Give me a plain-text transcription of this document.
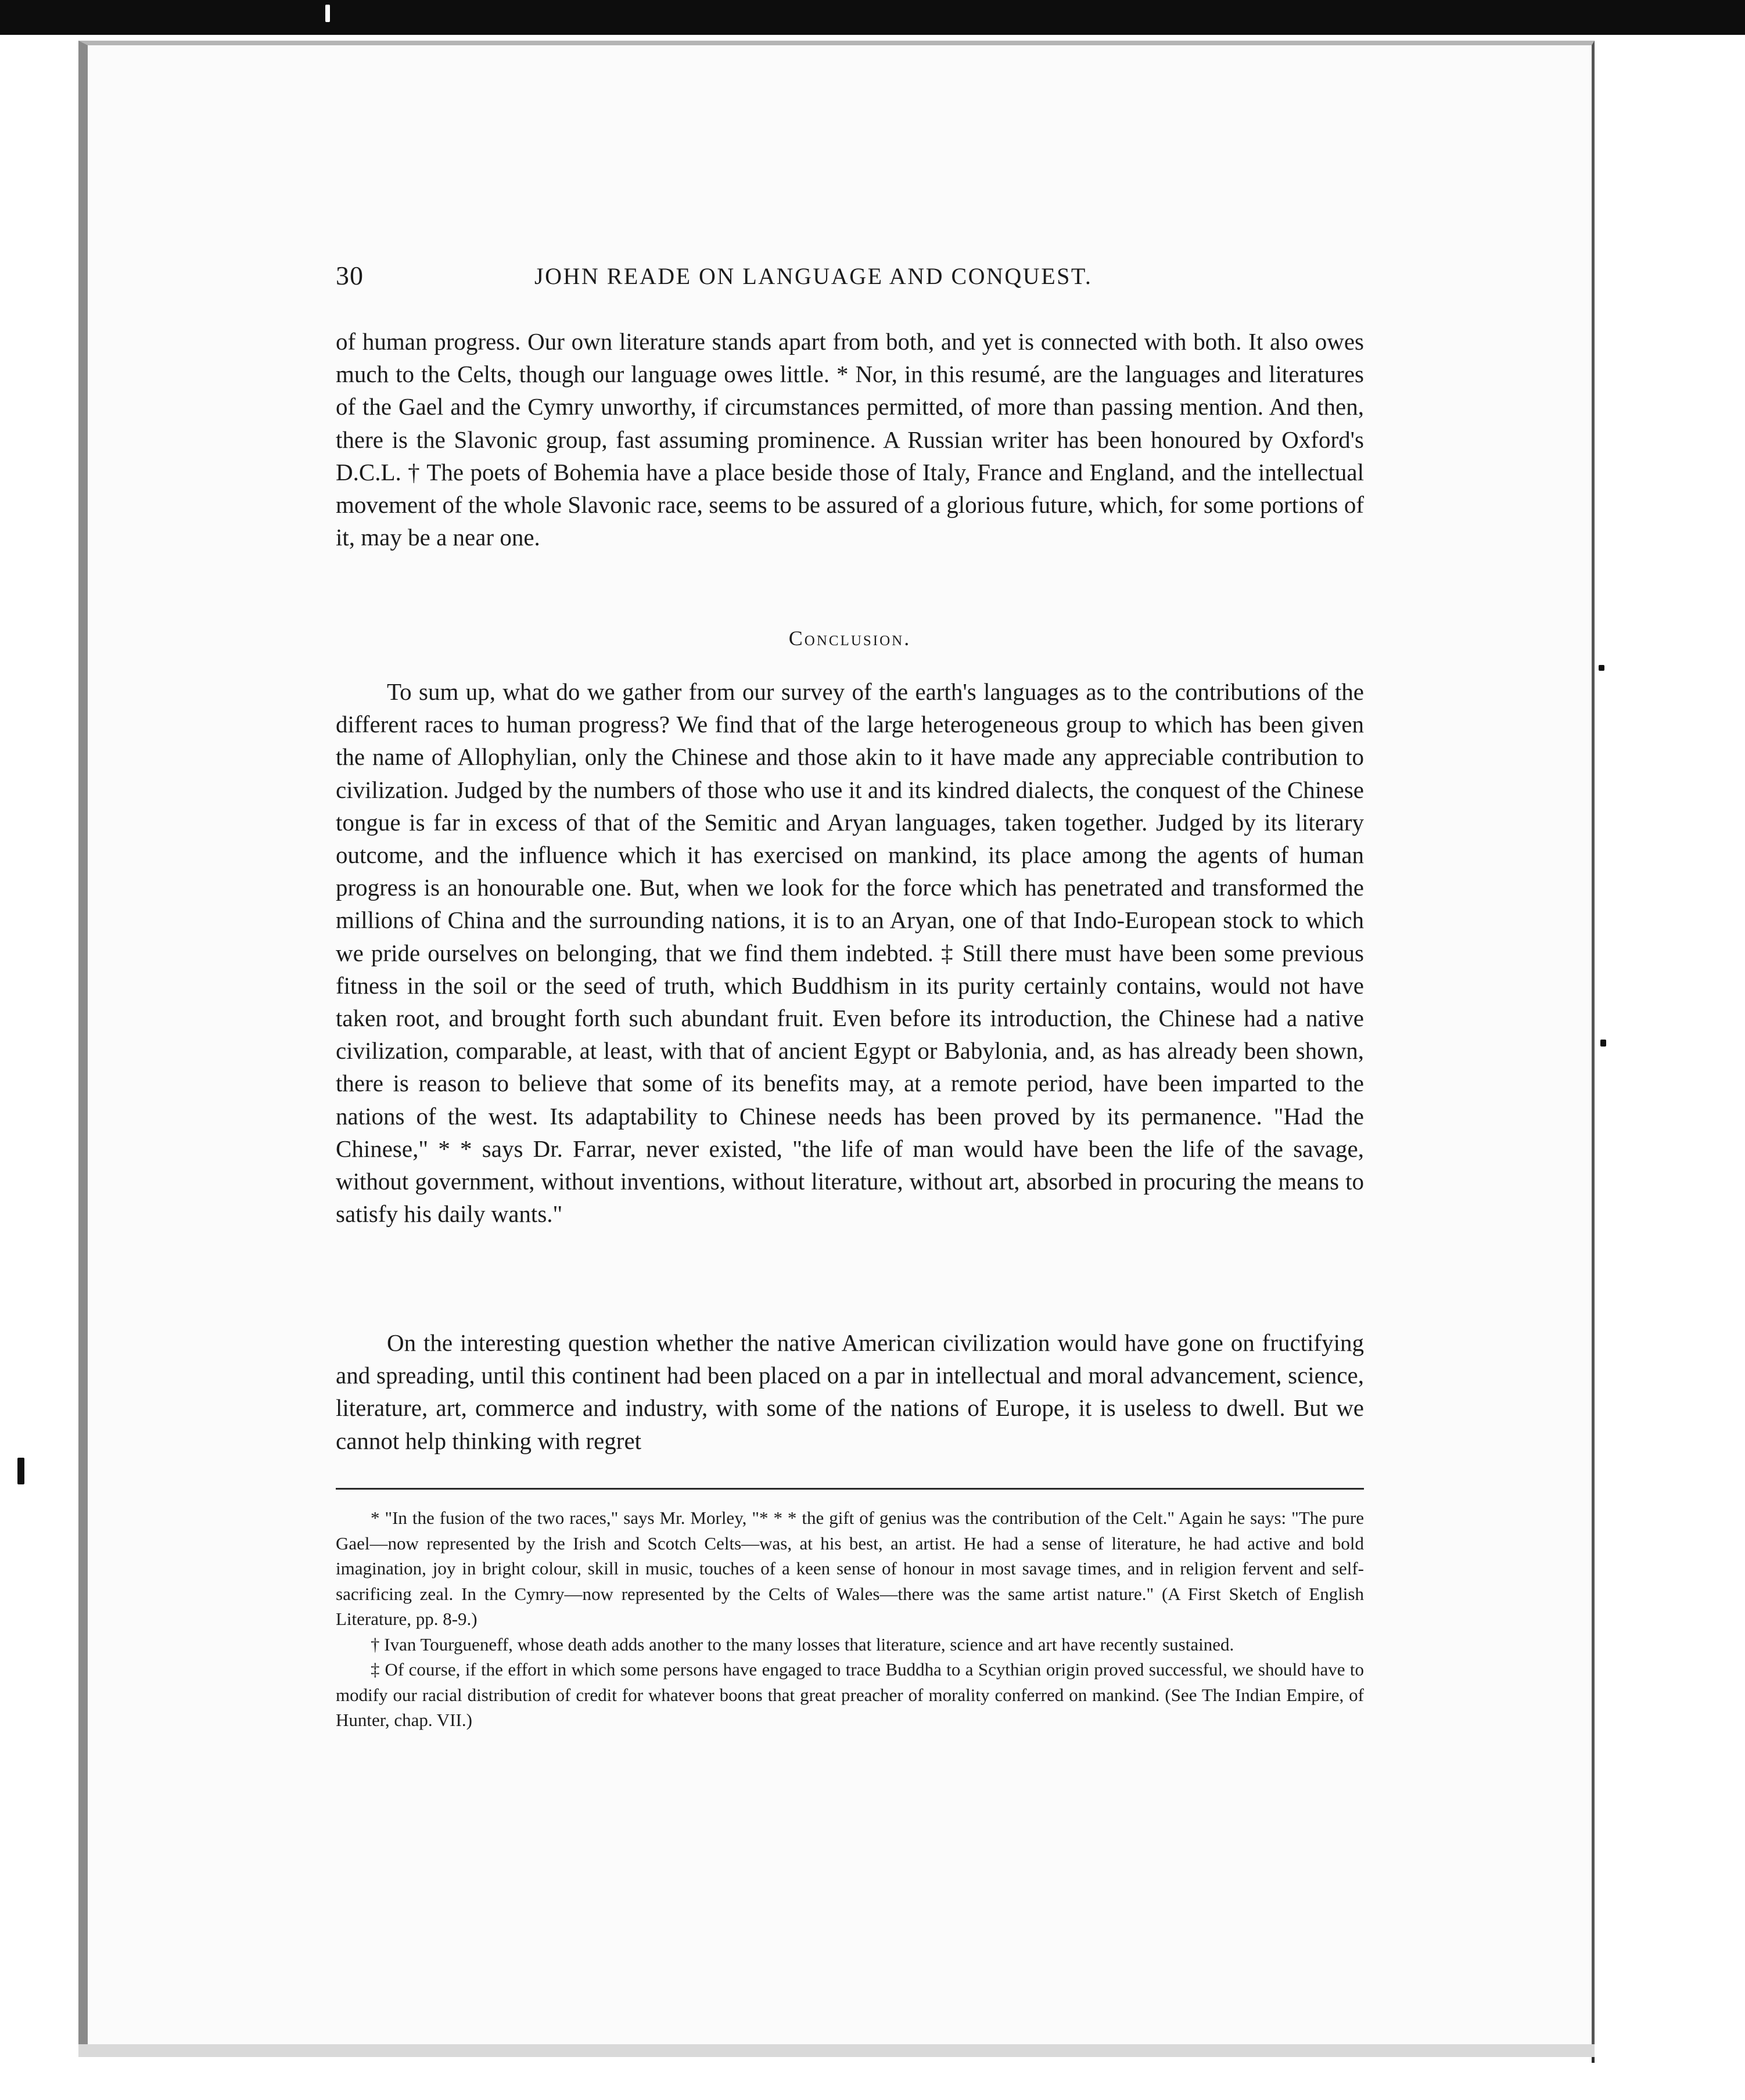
30	JOHN READE ON LANGUAGE AND CONQUEST.
of human progress. Our own literature stands apart from both, and yet is connected with both. It also owes much to the Celts, though our language owes little. * Nor, in this resumé, are the languages and literatures of the Gael and the Cymry unworthy, if circumstances permitted, of more than passing mention. And then, there is the Slavonic group, fast assuming prominence. A Russian writer has been honoured by Oxford's D.C.L. † The poets of Bohemia have a place beside those of Italy, France and England, and the intellectual movement of the whole Slavonic race, seems to be assured of a glorious future, which, for some portions of it, may be a near one.
Conclusion.
To sum up, what do we gather from our survey of the earth's languages as to the contributions of the different races to human progress? We find that of the large heterogeneous group to which has been given the name of Allophylian, only the Chinese and those akin to it have made any appreciable contribution to civilization. Judged by the numbers of those who use it and its kindred dialects, the conquest of the Chinese tongue is far in excess of that of the Semitic and Aryan languages, taken together. Judged by its literary outcome, and the influence which it has exercised on mankind, its place among the agents of human progress is an honourable one. But, when we look for the force which has penetrated and transformed the millions of China and the surrounding nations, it is to an Aryan, one of that Indo-European stock to which we pride ourselves on belonging, that we find them indebted. ‡ Still there must have been some previous fitness in the soil or the seed of truth, which Buddhism in its purity certainly contains, would not have taken root, and brought forth such abundant fruit. Even before its introduction, the Chinese had a native civilization, comparable, at least, with that of ancient Egypt or Babylonia, and, as has already been shown, there is reason to believe that some of its benefits may, at a remote period, have been imparted to the nations of the west. Its adaptability to Chinese needs has been proved by its permanence. "Had the Chinese," * * says Dr. Farrar, never existed, "the life of man would have been the life of the savage, without government, without inventions, without literature, without art, absorbed in procuring the means to satisfy his daily wants."
On the interesting question whether the native American civilization would have gone on fructifying and spreading, until this continent had been placed on a par in intellectual and moral advancement, science, literature, art, commerce and industry, with some of the nations of Europe, it is useless to dwell. But we cannot help thinking with regret

* "In the fusion of the two races," says Mr. Morley, "* * * the gift of genius was the contribution of the Celt." Again he says: "The pure Gael—now represented by the Irish and Scotch Celts—was, at his best, an artist. He had a sense of literature, he had active and bold imagination, joy in bright colour, skill in music, touches of a keen sense of honour in most savage times, and in religion fervent and self-sacrificing zeal. In the Cymry—now represented by the Celts of Wales—there was the same artist nature." (A First Sketch of English Literature, pp. 8-9.)

† Ivan Tourgueneff, whose death adds another to the many losses that literature, science and art have recently sustained.

‡ Of course, if the effort in which some persons have engaged to trace Buddha to a Scythian origin proved successful, we should have to modify our racial distribution of credit for whatever boons that great preacher of morality conferred on mankind. (See The Indian Empire, of Hunter, chap. VII.)
